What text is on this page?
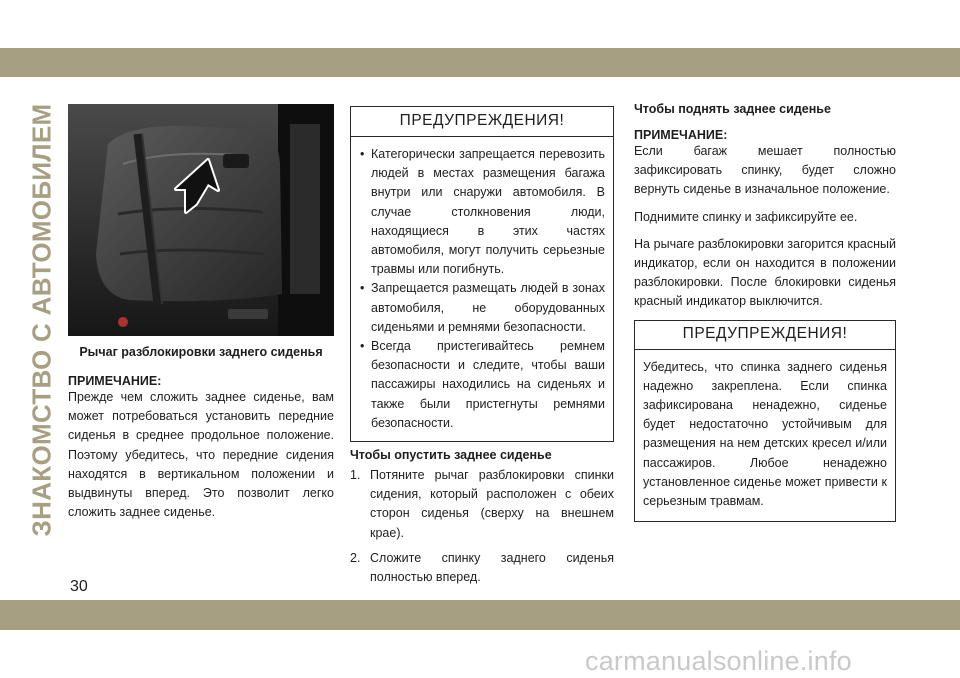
ЗНАКОМСТВО С АВТОМОБИЛЕМ	Рычаг разблокировки заднего сиденья
ПРИМЕЧАНИЕ:

Прежде чем сложить заднее сиденье, вам может потребоваться установить передние сиденья в среднее продольное положение. Поэтому убедитесь, что передние сидения находятся в вертикальном положении и выдвинуты вперед. Это позволит легко сложить заднее сиденье.

ПРЕДУПРЕЖДЕНИЯ!
• Категорически запрещается перевозить людей в местах размещения багажа внутри или снаружи автомобиля. В случае столкновения люди, находящиеся в этих частях автомобиля, могут получить серьезные травмы или погибнуть.
• Запрещается размещать людей в зонах автомобиля, не оборудованных сиденьями и ремнями безопасности.
• Всегда пристегивайтесь ремнем безопасности и следите, чтобы ваши пассажиры находились на сиденьях и также были пристегнуты ремнями безопасности.
Чтобы опустить заднее сиденье
1. Потяните рычаг разблокировки спинки сидения, который расположен с обеих сторон сиденья (сверху на внешнем крае).
2. Сложите спинку заднего сиденья полностью вперед.
Чтобы поднять заднее сиденье
ПРИМЕЧАНИЕ:

Если багаж мешает полностью зафиксировать спинку, будет сложно вернуть сиденье в изначальное положение.

Поднимите спинку и зафиксируйте ее.

На рычаге разблокировки загорится красный индикатор, если он находится в положении разблокировки. После блокировки сиденья красный индикатор выключится.

ПРЕДУПРЕЖДЕНИЯ!
Убедитесь, что спинка заднего сиденья надежно закреплена. Если спинка зафиксирована ненадежно, сиденье будет недостаточно устойчивым для размещения на нем детских кресел и/или пассажиров. Любое ненадежно установленное сиденье может привести к серьезным травмам.
30
carmanualsonline.info
